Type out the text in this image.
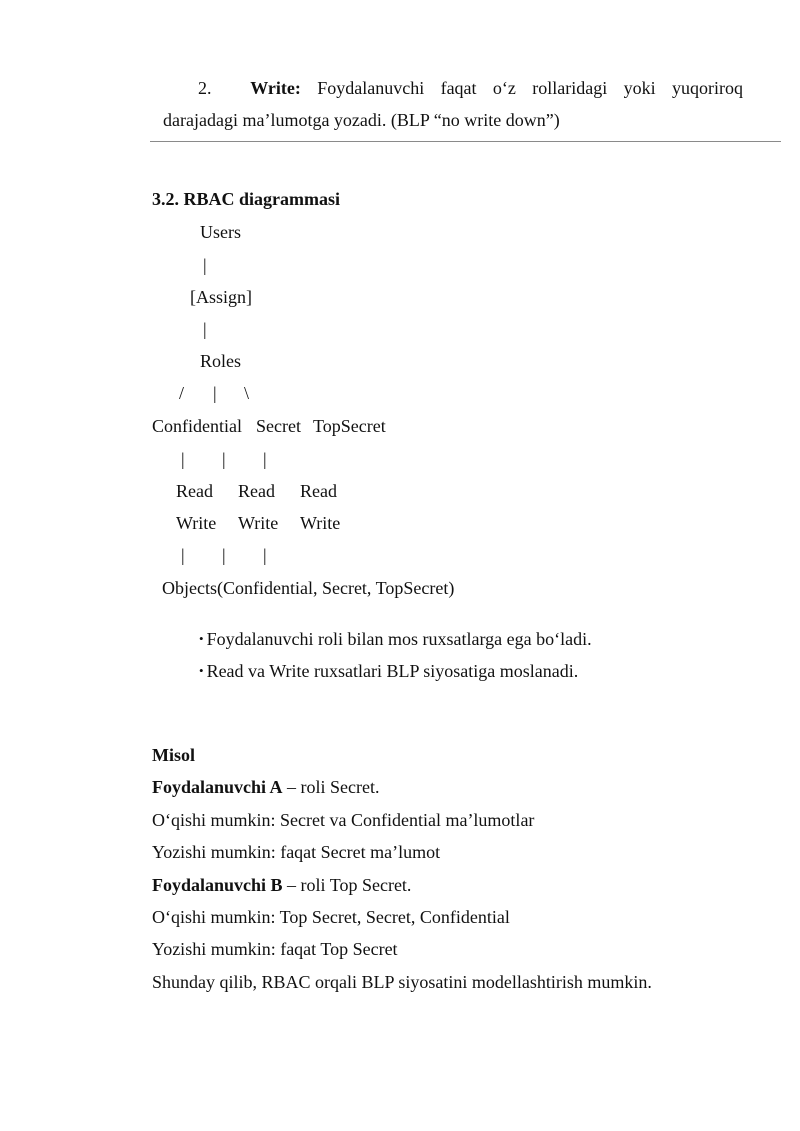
2. Write: Foydalanuvchi faqat o‘z rollaridagi yoki yuqoriroq
darajadagi ma’lumotga yozadi. (BLP “no write down”)
3.2. RBAC diagrammasi
Users
|
[Assign]
|
Roles
/ | \
Confidential Secret TopSecret
| | |
Read Read Read
Write Write Write
| | |
Objects(Confidential, Secret, TopSecret)
• Foydalanuvchi roli bilan mos ruxsatlarga ega bo‘ladi.
• Read va Write ruxsatlari BLP siyosatiga moslanadi.
Misol
Foydalanuvchi A – roli Secret.
O‘qishi mumkin: Secret va Confidential ma’lumotlar
Yozishi mumkin: faqat Secret ma’lumot
Foydalanuvchi B – roli Top Secret.
O‘qishi mumkin: Top Secret, Secret, Confidential
Yozishi mumkin: faqat Top Secret
Shunday qilib, RBAC orqali BLP siyosatini modellashtirish mumkin.
